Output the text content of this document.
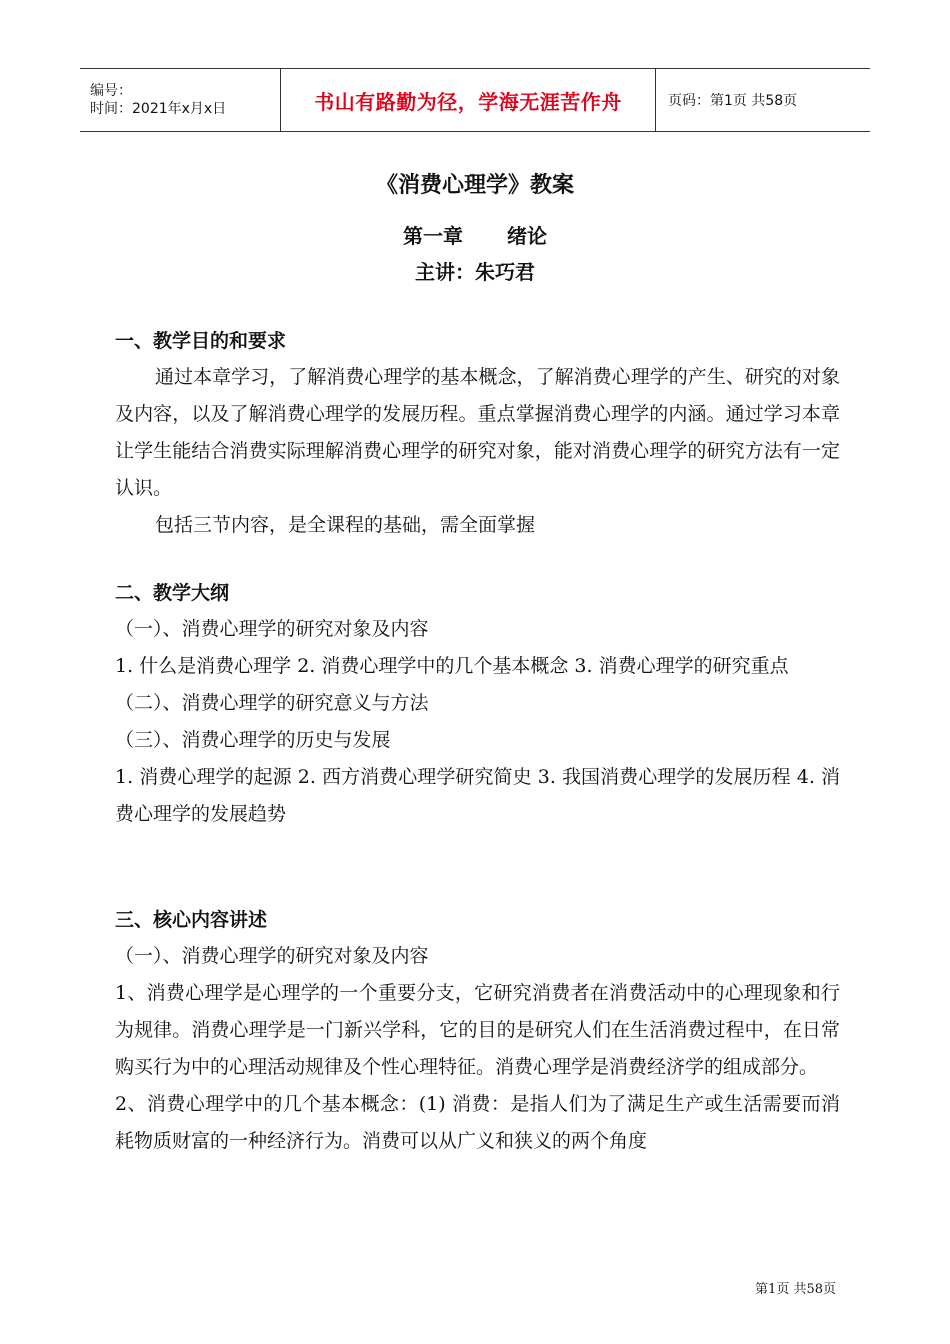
编号：
时间：2021年x月x日	书山有路勤为径，学海无涯苦作舟	页码：第1页 共58页
《消费心理学》教案
第一章 绪论
主讲：朱巧君
一、教学目的和要求
通过本章学习，了解消费心理学的基本概念，了解消费心理学的产生、研究的对象及内容，以及了解消费心理学的发展历程。重点掌握消费心理学的内涵。通过学习本章让学生能结合消费实际理解消费心理学的研究对象，能对消费心理学的研究方法有一定认识。
包括三节内容，是全课程的基础，需全面掌握
二、教学大纲
（一）、消费心理学的研究对象及内容
1. 什么是消费心理学 2. 消费心理学中的几个基本概念 3. 消费心理学的研究重点
（二）、消费心理学的研究意义与方法
（三）、消费心理学的历史与发展
1. 消费心理学的起源 2. 西方消费心理学研究简史 3. 我国消费心理学的发展历程 4. 消费心理学的发展趋势
三、核心内容讲述
（一）、消费心理学的研究对象及内容
1、消费心理学是心理学的一个重要分支，它研究消费者在消费活动中的心理现象和行为规律。消费心理学是一门新兴学科，它的目的是研究人们在生活消费过程中，在日常购买行为中的心理活动规律及个性心理特征。消费心理学是消费经济学的组成部分。
2、消费心理学中的几个基本概念：(1) 消费：是指人们为了满足生产或生活需要而消耗物质财富的一种经济行为。消费可以从广义和狭义的两个角度
第1页 共58页
